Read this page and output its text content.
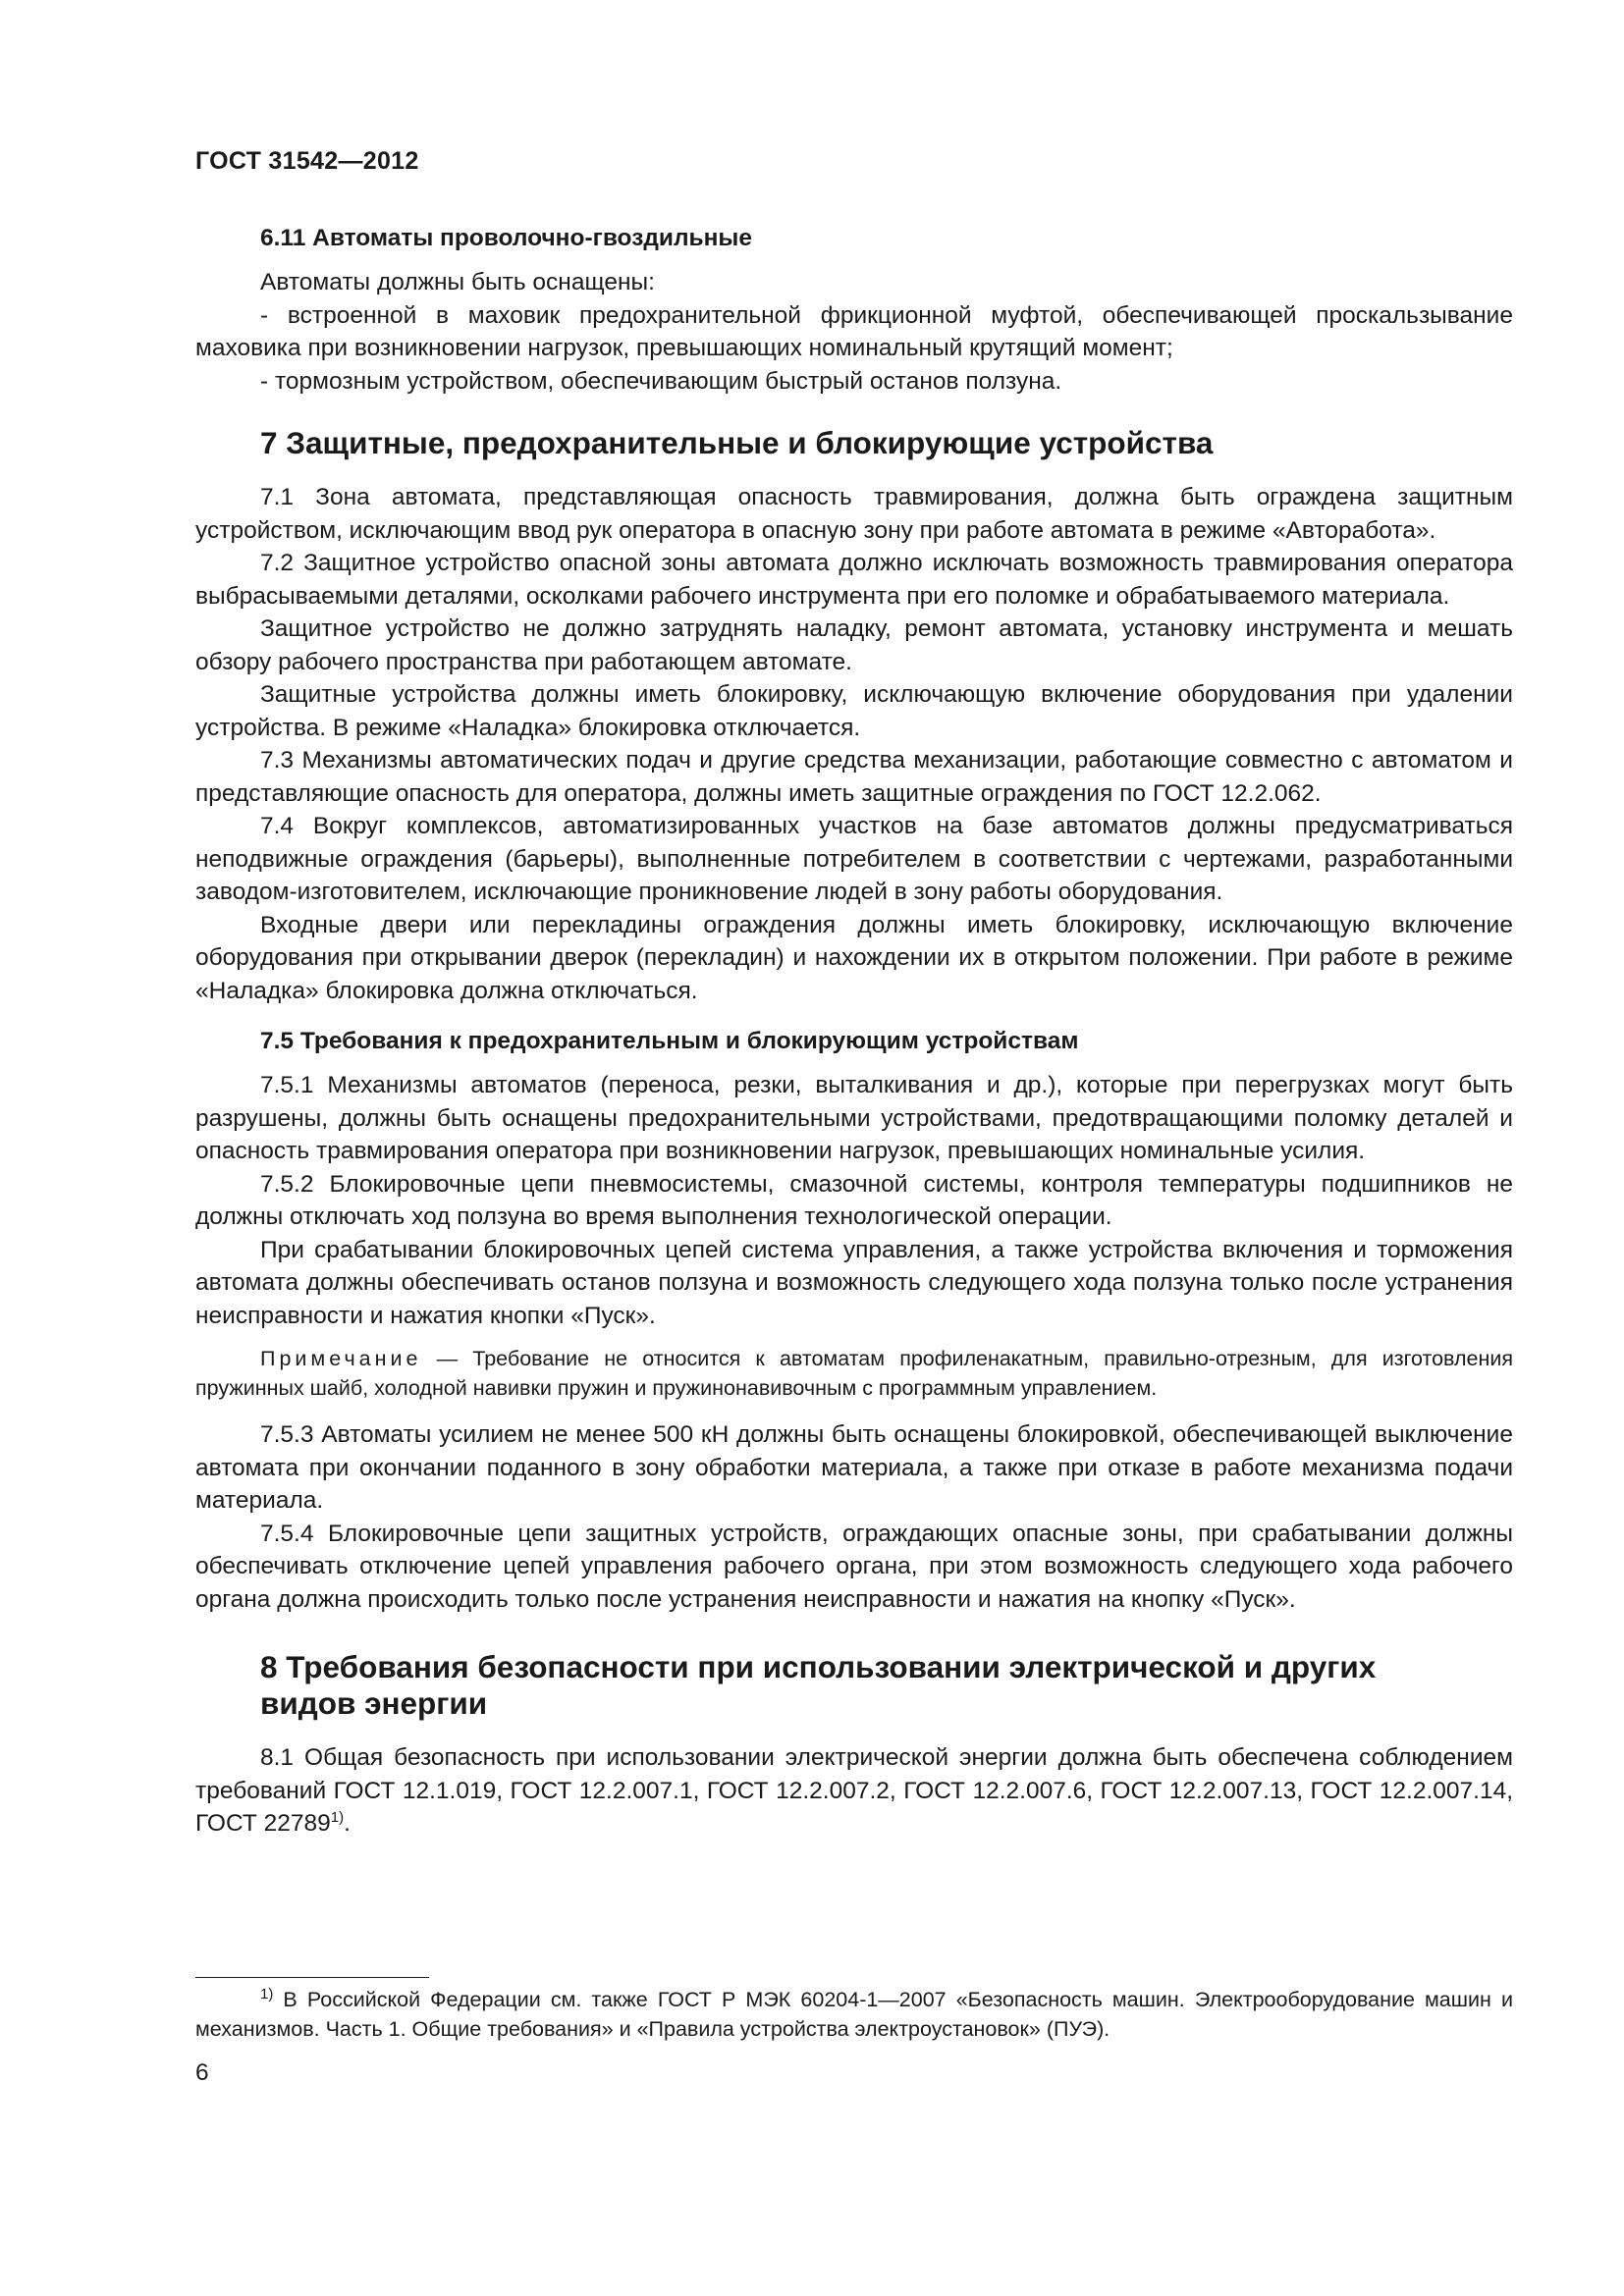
ГОСТ 31542—2012
6.11 Автоматы проволочно-гвоздильные

Автоматы должны быть оснащены:

- встроенной в маховик предохранительной фрикционной муфтой, обеспечивающей проскальзывание маховика при возникновении нагрузок, превышающих номинальный крутящий момент;

- тормозным устройством, обеспечивающим быстрый останов ползуна.

7 Защитные, предохранительные и блокирующие устройства

7.1 Зона автомата, представляющая опасность травмирования, должна быть ограждена защитным устройством, исключающим ввод рук оператора в опасную зону при работе автомата в режиме «Авторабота».

7.2 Защитное устройство опасной зоны автомата должно исключать возможность травмирования оператора выбрасываемыми деталями, осколками рабочего инструмента при его поломке и обрабатываемого материала.

Защитное устройство не должно затруднять наладку, ремонт автомата, установку инструмента и мешать обзору рабочего пространства при работающем автомате.

Защитные устройства должны иметь блокировку, исключающую включение оборудования при удалении устройства. В режиме «Наладка» блокировка отключается.

7.3 Механизмы автоматических подач и другие средства механизации, работающие совместно с автоматом и представляющие опасность для оператора, должны иметь защитные ограждения по ГОСТ 12.2.062.

7.4 Вокруг комплексов, автоматизированных участков на базе автоматов должны предусматриваться неподвижные ограждения (барьеры), выполненные потребителем в соответствии с чертежами, разработанными заводом-изготовителем, исключающие проникновение людей в зону работы оборудования.

Входные двери или перекладины ограждения должны иметь блокировку, исключающую включение оборудования при открывании дверок (перекладин) и нахождении их в открытом положении. При работе в режиме «Наладка» блокировка должна отключаться.

7.5 Требования к предохранительным и блокирующим устройствам

7.5.1 Механизмы автоматов (переноса, резки, выталкивания и др.), которые при перегрузках могут быть разрушены, должны быть оснащены предохранительными устройствами, предотвращающими поломку деталей и опасность травмирования оператора при возникновении нагрузок, превышающих номинальные усилия.

7.5.2 Блокировочные цепи пневмосистемы, смазочной системы, контроля температуры подшипников не должны отключать ход ползуна во время выполнения технологической операции.

При срабатывании блокировочных цепей система управления, а также устройства включения и торможения автомата должны обеспечивать останов ползуна и возможность следующего хода ползуна только после устранения неисправности и нажатия кнопки «Пуск».

Примечание — Требование не относится к автоматам профиленакатным, правильно-отрезным, для изготовления пружинных шайб, холодной навивки пружин и пружинонавивочным с программным управлением.

7.5.3 Автоматы усилием не менее 500 кН должны быть оснащены блокировкой, обеспечивающей выключение автомата при окончании поданного в зону обработки материала, а также при отказе в работе механизма подачи материала.

7.5.4 Блокировочные цепи защитных устройств, ограждающих опасные зоны, при срабатывании должны обеспечивать отключение цепей управления рабочего органа, при этом возможность следующего хода рабочего органа должна происходить только после устранения неисправности и нажатия на кнопку «Пуск».

8 Требования безопасности при использовании электрической и других
видов энергии

8.1 Общая безопасность при использовании электрической энергии должна быть обеспечена соблюдением требований ГОСТ 12.1.019, ГОСТ 12.2.007.1, ГОСТ 12.2.007.2, ГОСТ 12.2.007.6, ГОСТ 12.2.007.13, ГОСТ 12.2.007.14, ГОСТ 22789$^{1)}$.

$^{1)}$ В Российской Федерации см. также ГОСТ Р МЭК 60204-1—2007 «Безопасность машин. Электрооборудование машин и механизмов. Часть 1. Общие требования» и «Правила устройства электроустановок» (ПУЭ).
6
